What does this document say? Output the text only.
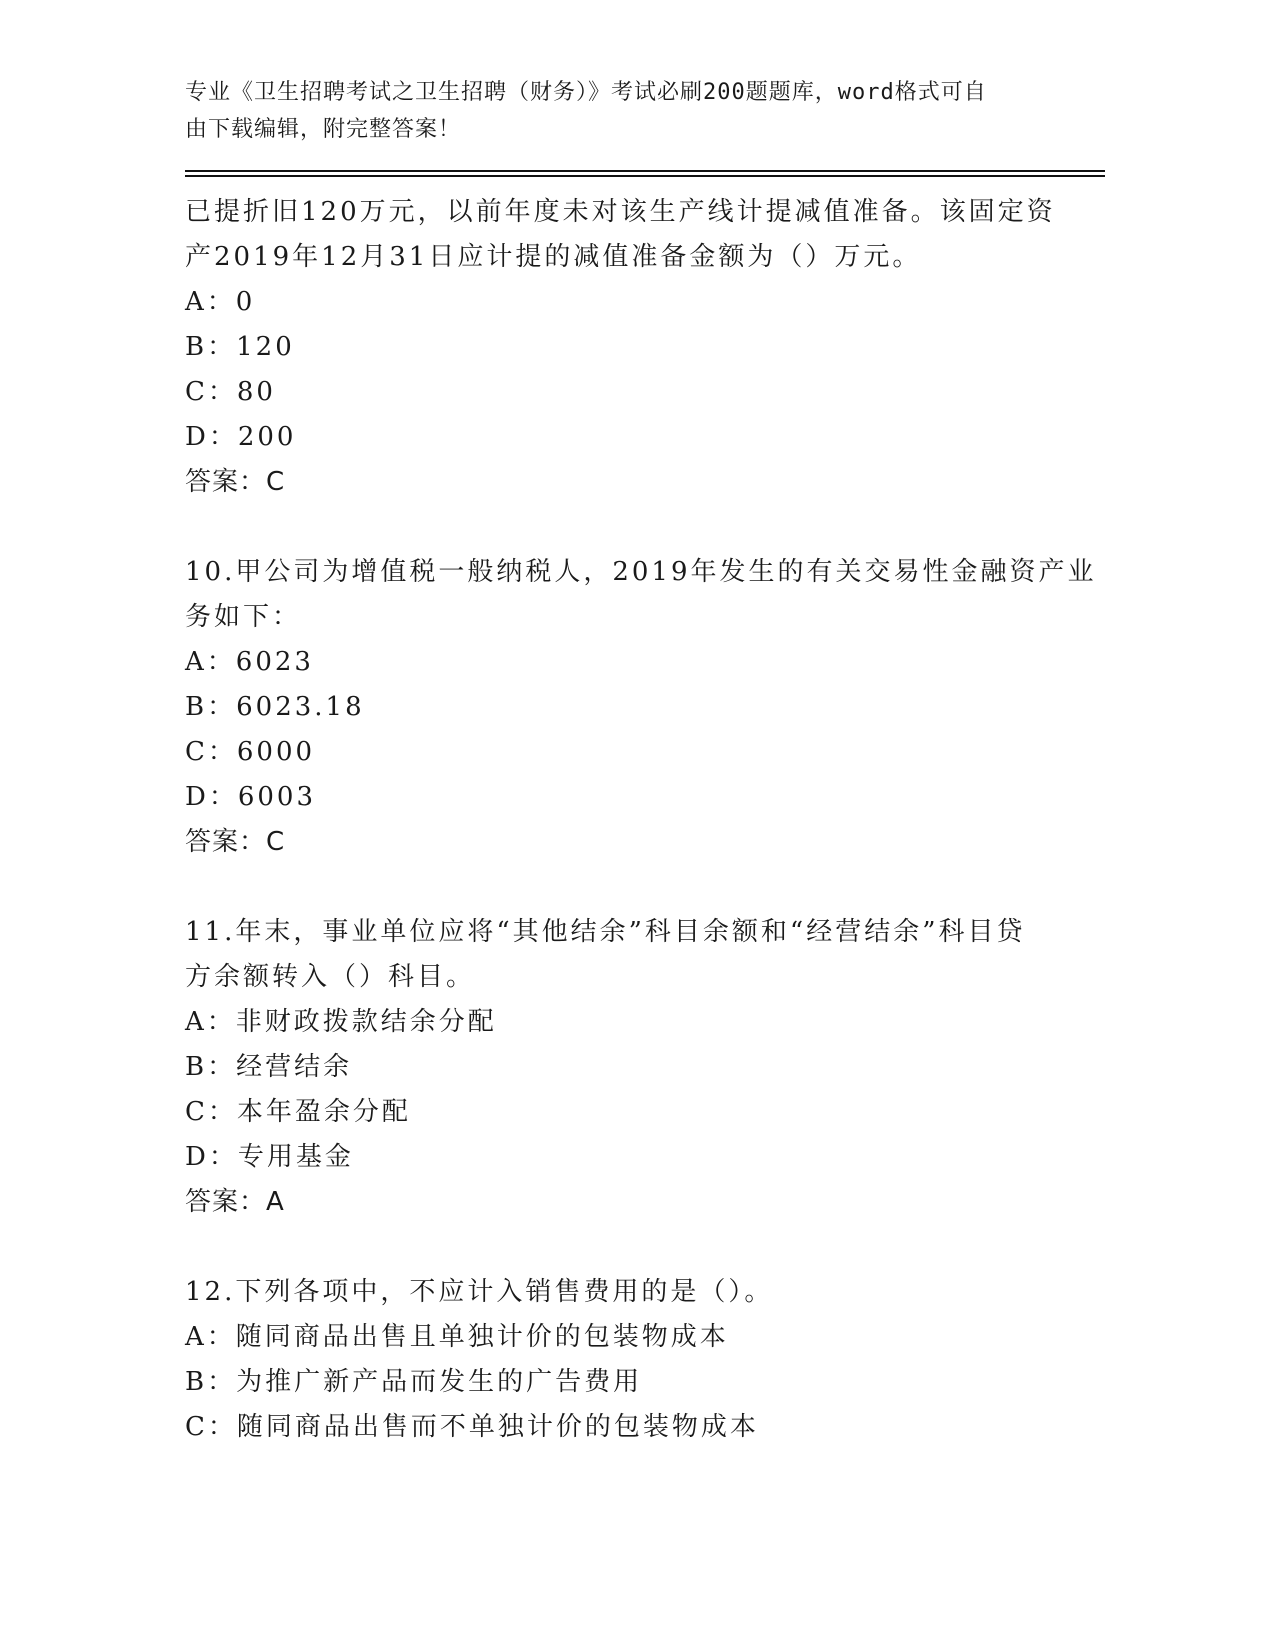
专业《卫生招聘考试之卫生招聘（财务）》考试必刷200题题库，word格式可自
由下载编辑，附完整答案！
已提折旧120万元，以前年度未对该生产线计提减值准备。该固定资
产2019年12月31日应计提的减值准备金额为（）万元。
A：0
B：120
C：80
D：200
答案：C
10.甲公司为增值税一般纳税人，2019年发生的有关交易性金融资产业
务如下：
A：6023
B：6023.18
C：6000
D：6003
答案：C
11.年末，事业单位应将“其他结余”科目余额和“经营结余”科目贷
方余额转入（）科目。
A：非财政拨款结余分配
B：经营结余
C：本年盈余分配
D：专用基金
答案：A
12.下列各项中，不应计入销售费用的是（）。
A：随同商品出售且单独计价的包装物成本
B：为推广新产品而发生的广告费用
C：随同商品出售而不单独计价的包装物成本
